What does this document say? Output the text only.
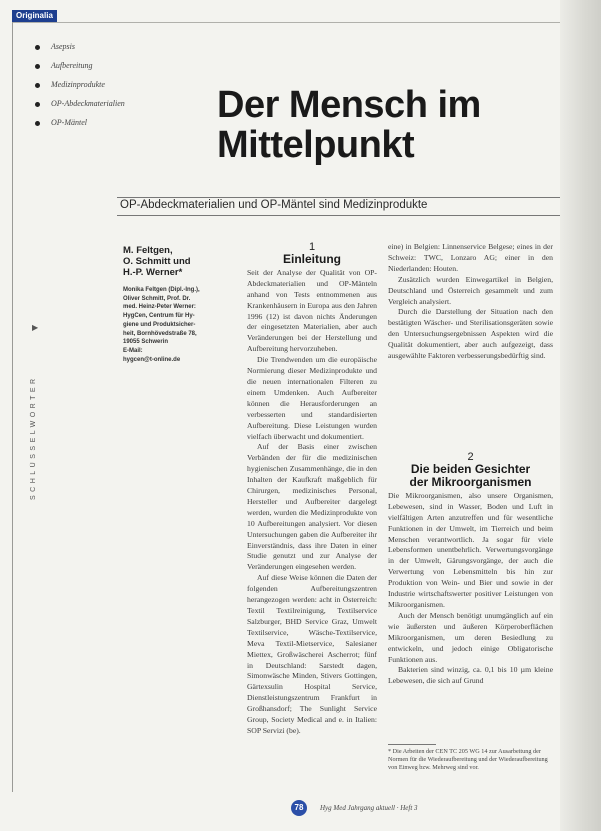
Originalia
Asepsis
Aufbereitung
Medizinprodukte
OP-Abdeckmaterialien
OP-Mäntel	Der Mensch im
Mittelpunkt
OP-Abdeckmaterialien und OP-Mäntel sind Medizinprodukte
M. Feltgen,
O. Schmitt und
H.-P. Werner*
Monika Feltgen (Dipl.-Ing.),
Oliver Schmitt, Prof. Dr.
med. Heinz-Peter Werner:
HygCen, Centrum für Hy-
giene und Produktsicher-
heit, Bornhövedstraße 78,
19055 Schwerin
E-Mail:
hygcen@t-online.de
▶
SCHLÜSSELWÖRTER
1
Einleitung

Seit der Analyse der Qualität von OP-Abdeckmaterialien und OP-Mänteln anhand von Tests entnommenen aus Krankenhäusern in Europa aus den Jahren 1996 (12) ist davon nichts Änderungen der eingesetzten Materialien, aber auch Veränderungen bei der Herstellung und Aufbereitung hervorzuheben.

Die Trendwenden um die europäische Normierung dieser Medizinprodukte und die neuen internationalen Filteren zu einem Umdenken. Auch Aufbereiter können die Herausforderungen an verbesserten und standardisierten Aufbereitung. Diese Leistungen wurden vielfach überwacht und dokumentiert.

Auf der Basis einer zwischen Verbänden der für die medizinischen hygienischen Zusammenhänge, die in den Inhalten der Kaufkraft maßgeblich für Chirurgen, medizinisches Personal, Hersteller und Aufbereiter dargelegt werden, wurden die Medizinprodukte von 10 Aufbereitungen analysiert. Vor diesen Untersuchungen gaben die Aufbereiter ihr Einverständnis, dass ihre Daten in einer Studie genutzt und zur Analyse der Veränderungen eingesehen werden.

Auf diese Weise können die Daten der folgenden Aufbereitungszentren herangezogen werden: acht in Österreich: Textil Textilreinigung, Textilservice Salzburger, BHD Service Graz, Umwelt Textilservice, Wäsche-Textilservice, Meva Textil-Mietservice, Salesianer Miettex, Großwäscherei Ascherrot; fünf in Deutschland: Sarstedt dagen, Simonwäsche Minden, Stivers Gottingen, Gärtexsulin Hospital Service, Dienstleistungszentrum Frankfurt in Großhansdorf; The Sunlight Service Group, Society Medical and e. in Italien: SOP Servizi (be).

eine) in Belgien: Linnenservice Belgese; eines in der Schweiz: TWC, Lonzaro AG; einer in den Niederlanden: Houten.

Zusätzlich wurden Einwegartikel in Belgien, Deutschland und Österreich gesammelt und zum Vergleich analysiert.

Durch die Darstellung der Situation nach den bestätigten Wäscher- und Sterilisationsgeräten sowie den Untersuchungsergebnissen Aspekten wird die Qualität dokumentiert, aber auch aufgezeigt, dass ausgewählte Faktoren verbesserungsbedürftig sind.

2
Die beiden Gesichter
der Mikroorganismen

Die Mikroorganismen, also unsere Organismen, Lebewesen, sind in Wasser, Boden und Luft in vielfältigen Arten anzutreffen und für wesentliche Funktionen in der Umwelt, im Tierreich und beim Menschen verantwortlich. Ja sogar für viele Lebensformen unentbehrlich. Verwertungsvorgänge in der Umwelt, Gärungsvorgänge, der auch die Verwertung von Lebensmitteln bis hin zur Produktion von Wein- und Bier und sowie in der Industrie wirtschaftswerter positiver Leistungen von Mikroorganismen.

Auch der Mensch benötigt unumgänglich auf ein wie äußersten und äußeren Körperoberflächen Mikroorganismen, um deren Besiedlung zu entwickeln, und jedoch einige Obligatorische Funktionen aus.

Bakterien sind winzig, ca. 0,1 bis 10 µm kleine Lebewesen, die sich auf Grund

* Die Arbeiten der CEN TC 205 WG 14 zur Ausarbeitung der Normen für die Wiederaufbereitung und der Wiederaufbereitung von Einweg bzw. Mehrweg sind vor.
78	Hyg Med Jahrgang aktuell · Heft 3
